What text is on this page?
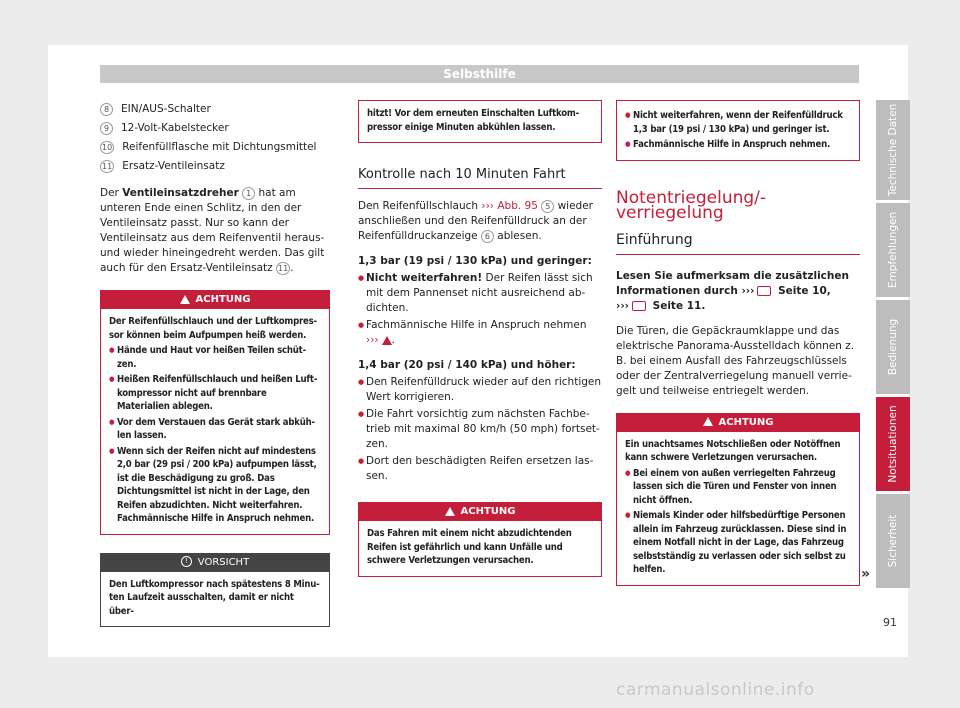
Selbsthilfe
8	EIN/AUS-Schalter
9	12-Volt-Kabelstecker
10 Reifenfüllflasche mit Dichtungsmittel
11 Ersatz-Ventileinsatz

Der Ventileinsatzdreher 1 hat am unteren Ende einen Schlitz, in den der Ventileinsatz passt. Nur so kann der Ventileinsatz aus dem Reifenventil heraus- und wieder hineingedreht werden. Das gilt auch für den Ersatz-Ventileinsatz 11 .

ACHTUNG
Der Reifenfüllschlauch und der Luftkompressor können beim Aufpumpen heiß werden.
● Hände und Haut vor heißen Teilen schützen.
● Heißen Reifenfüllschlauch und heißen Luftkompressor nicht auf brennbare Materialien ablegen.
● Vor dem Verstauen das Gerät stark abkühlen lassen.
● Wenn sich der Reifen nicht auf mindestens 2,0 bar (29 psi / 200 kPa) aufpumpen lässt, ist die Beschädigung zu groß. Das Dichtungsmittel ist nicht in der Lage, den Reifen abzudichten. Nicht weiterfahren. Fachmännische Hilfe in Anspruch nehmen.
! VORSICHT
Den Luftkompressor nach spätestens 8 Minuten Laufzeit ausschalten, damit er nicht über-
hitzt! Vor dem erneuten Einschalten Luftkompressor einige Minuten abkühlen lassen.
Kontrolle nach 10 Minuten Fahrt

Den Reifenfüllschlauch ››› Abb. 95 5 wieder anschließen und den Reifenfülldruck an der Reifenfülldruckanzeige 6 ablesen.

1,3 bar (19 psi / 130 kPa) und geringer:

● Nicht weiterfahren! Der Reifen lässt sich mit dem Pannenset nicht ausreichend abdichten.
● Fachmännische Hilfe in Anspruch nehmen
››› .

1,4 bar (20 psi / 140 kPa) und höher:

● Den Reifenfülldruck wieder auf den richtigen Wert korrigieren.
● Die Fahrt vorsichtig zum nächsten Fachbetrieb mit maximal 80 km/h (50 mph) fortsetzen.
● Dort den beschädigten Reifen ersetzen lassen.
ACHTUNG
Das Fahren mit einem nicht abzudichtenden Reifen ist gefährlich und kann Unfälle und schwere Verletzungen verursachen.
● Nicht weiterfahren, wenn der Reifenfülldruck 1,3 bar (19 psi / 130 kPa) und geringer ist.
● Fachmännische Hilfe in Anspruch nehmen.
Notentriegelung/-verriegelung
Einführung

Lesen Sie aufmerksam die zusätzlichen Informationen durch ››› Seite 10,
››› Seite 11.

Die Türen, die Gepäckraumklappe und das elektrische Panorama-Ausstelldach können z. B. bei einem Ausfall des Fahrzeugschlüssels oder der Zentralverriegelung manuell verriegelt und teilweise entriegelt werden.

ACHTUNG
Ein unachtsames Notschließen oder Notöffnen kann schwere Verletzungen verursachen.
● Bei einem von außen verriegelten Fahrzeug lassen sich die Türen und Fenster von innen nicht öffnen.
● Niemals Kinder oder hilfsbedürftige Personen allein im Fahrzeug zurücklassen. Diese sind in einem Notfall nicht in der Lage, das Fahrzeug selbstständig zu verlassen oder sich selbst zu helfen.	»
Technische Daten
Empfehlungen
Bedienung
Notsituationen
Sicherheit
91
carmanualsonline.info
